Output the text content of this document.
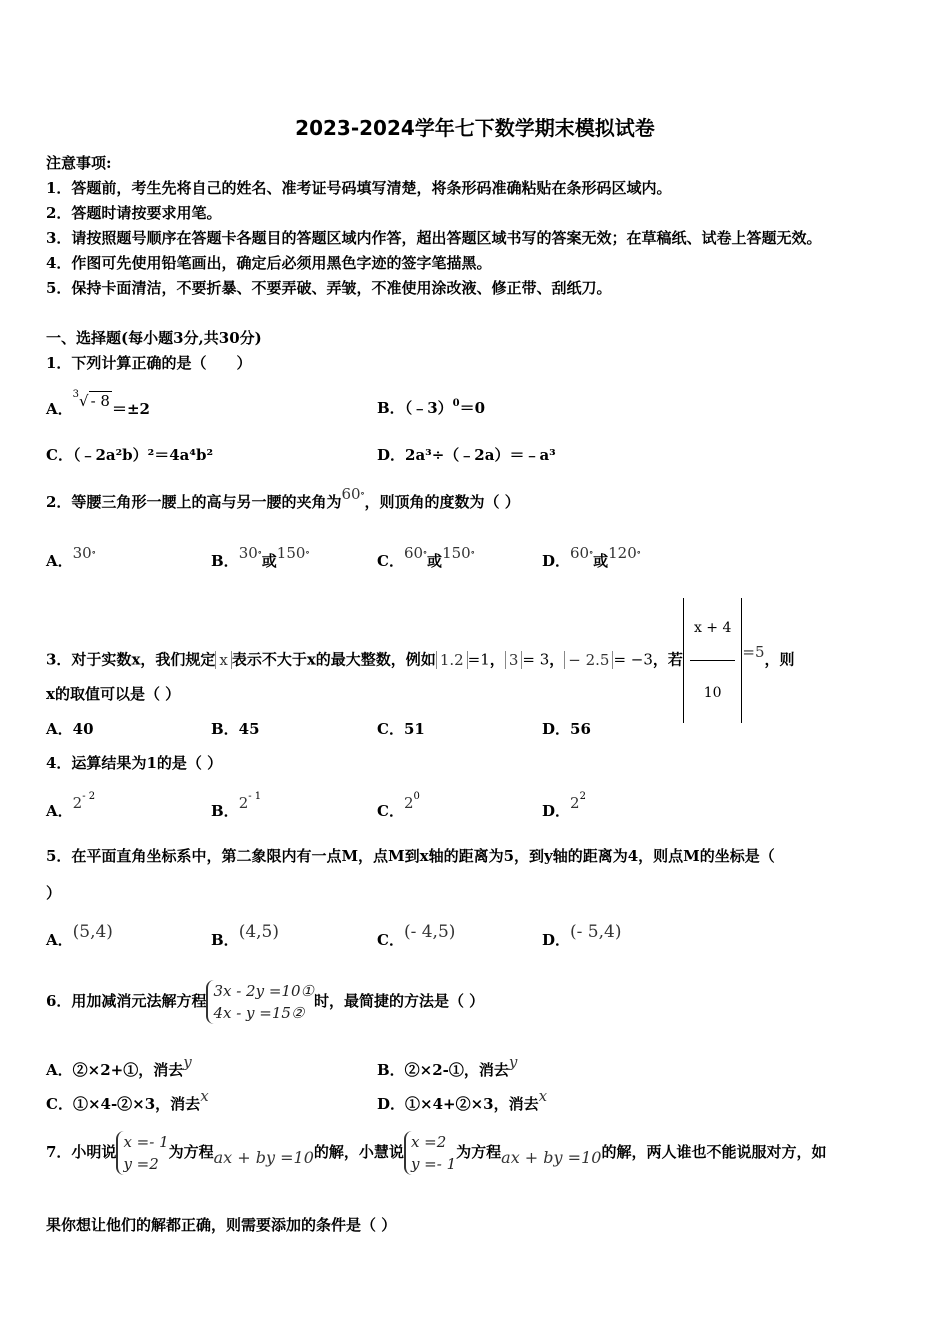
2023-2024学年七下数学期末模拟试卷
注意事项:
1．答题前，考生先将自己的姓名、准考证号码填写清楚，将条形码准确粘贴在条形码区域内。
2．答题时请按要求用笔。
3．请按照题号顺序在答题卡各题目的答题区域内作答，超出答题区域书写的答案无效；在草稿纸、试卷上答题无效。
4．作图可先使用铅笔画出，确定后必须用黑色字迹的签字笔描黑。
5．保持卡面清洁，不要折暴、不要弄破、弄皱，不准使用涂改液、修正带、刮纸刀。
一、选择题(每小题3分,共30分)
1．下列计算正确的是（　　）
A．$^3$√ - 8 ＝±2	B．（﹣3）$^0$＝0
C．（﹣2a²b）²＝4a⁴b²	D．2a³÷（﹣2a）＝﹣a³
2．等腰三角形一腰上的高与另一腰的夹角为60°，则顶角的度数为（ ）
A．30°	B．30°或150°	C．60°或150°	D．60°或120°
3．对于实数x，我们规定 x 表示不大于x的最大整数，例如 1.2 =1， 3 = 3， − 2.5 = −3，若 $\frac{x + 4}{10} =5$，则
x的取值可以是（ ）
A．40	B．45	C．51	D．56
4．运算结果为1的是（ ）
A．$2^{- 2}$
B．$2^{- 1}$
C．$2^0$
D．$2^2$
5．在平面直角坐标系中，第二象限内有一点M，点M到x轴的距离为5，到y轴的距离为4，则点M的坐标是（
）
A．(5,4)	B．(4,5)	C．(- 4,5)	D．(- 5,4)
6．用加减消元法解方程
3x - 2y =10①
4x - y =15②
时，最简捷的方法是（ ）
A．②×2+①，消去y	B．②×2-①，消去y
C．①×4-②×3，消去x	D．①×4+②×3，消去x
7．小明说
x =- 1
y =2
为方程ax + by =10的解，小慧说
x =2
y =- 1
为方程ax + by =10的解，两人谁也不能说服对方，如
果你想让他们的解都正确，则需要添加的条件是（ ）
